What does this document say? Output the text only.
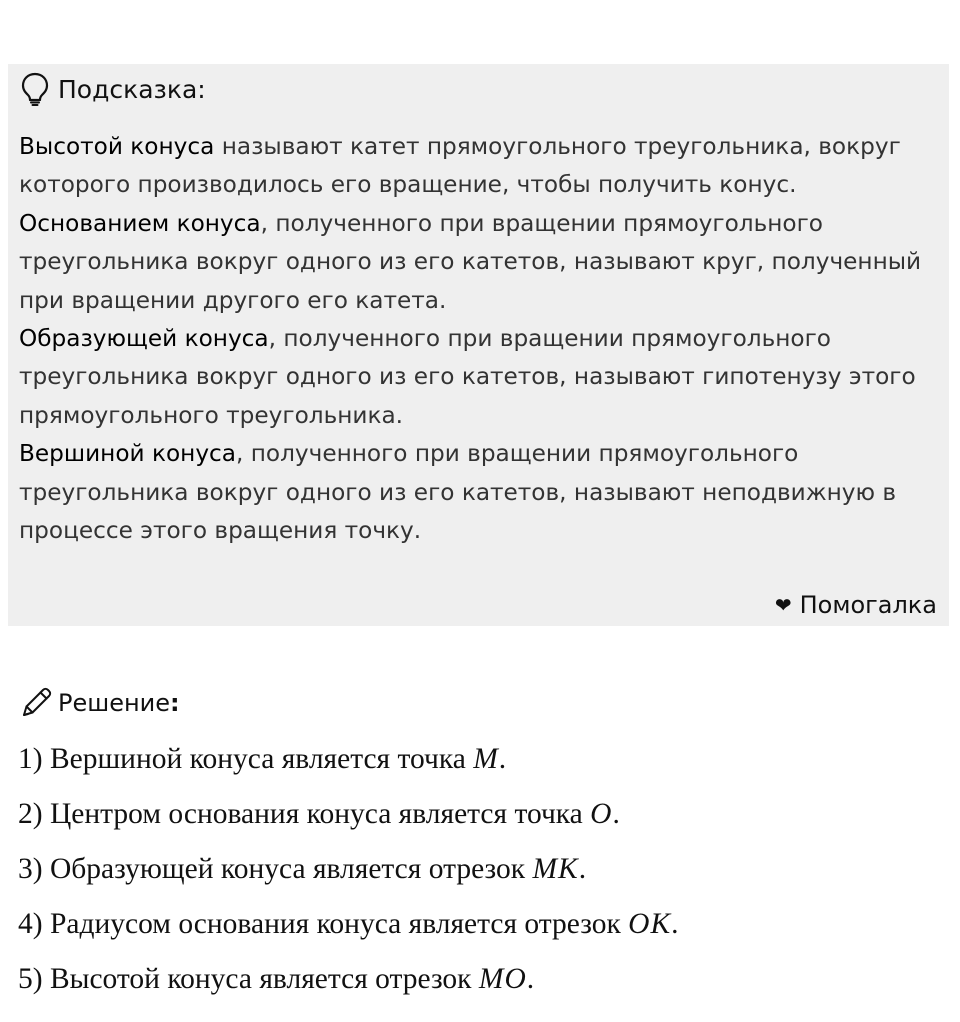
Подсказка:

Высотой конуса называют катет прямоугольного треугольника, вокруг которого производилось его вращение, чтобы получить конус.

Основанием конуса, полученного при вращении прямоугольного треугольника вокруг одного из его катетов, называют круг, полученный при вращении другого его катета.

Образующей конуса, полученного при вращении прямоугольного треугольника вокруг одного из его катетов, называют гипотенузу этого прямоугольного треугольника.

Вершиной конуса, полученного при вращении прямоугольного треугольника вокруг одного из его катетов, называют неподвижную в процессе этого вращения точку.

❤ Помогалка
Решение :
1) Вершиной конуса является точка M.
2) Центром основания конуса является точка O.
3) Образующей конуса является отрезок MK.
4) Радиусом основания конуса является отрезок OK.
5) Высотой конуса является отрезок MO.
